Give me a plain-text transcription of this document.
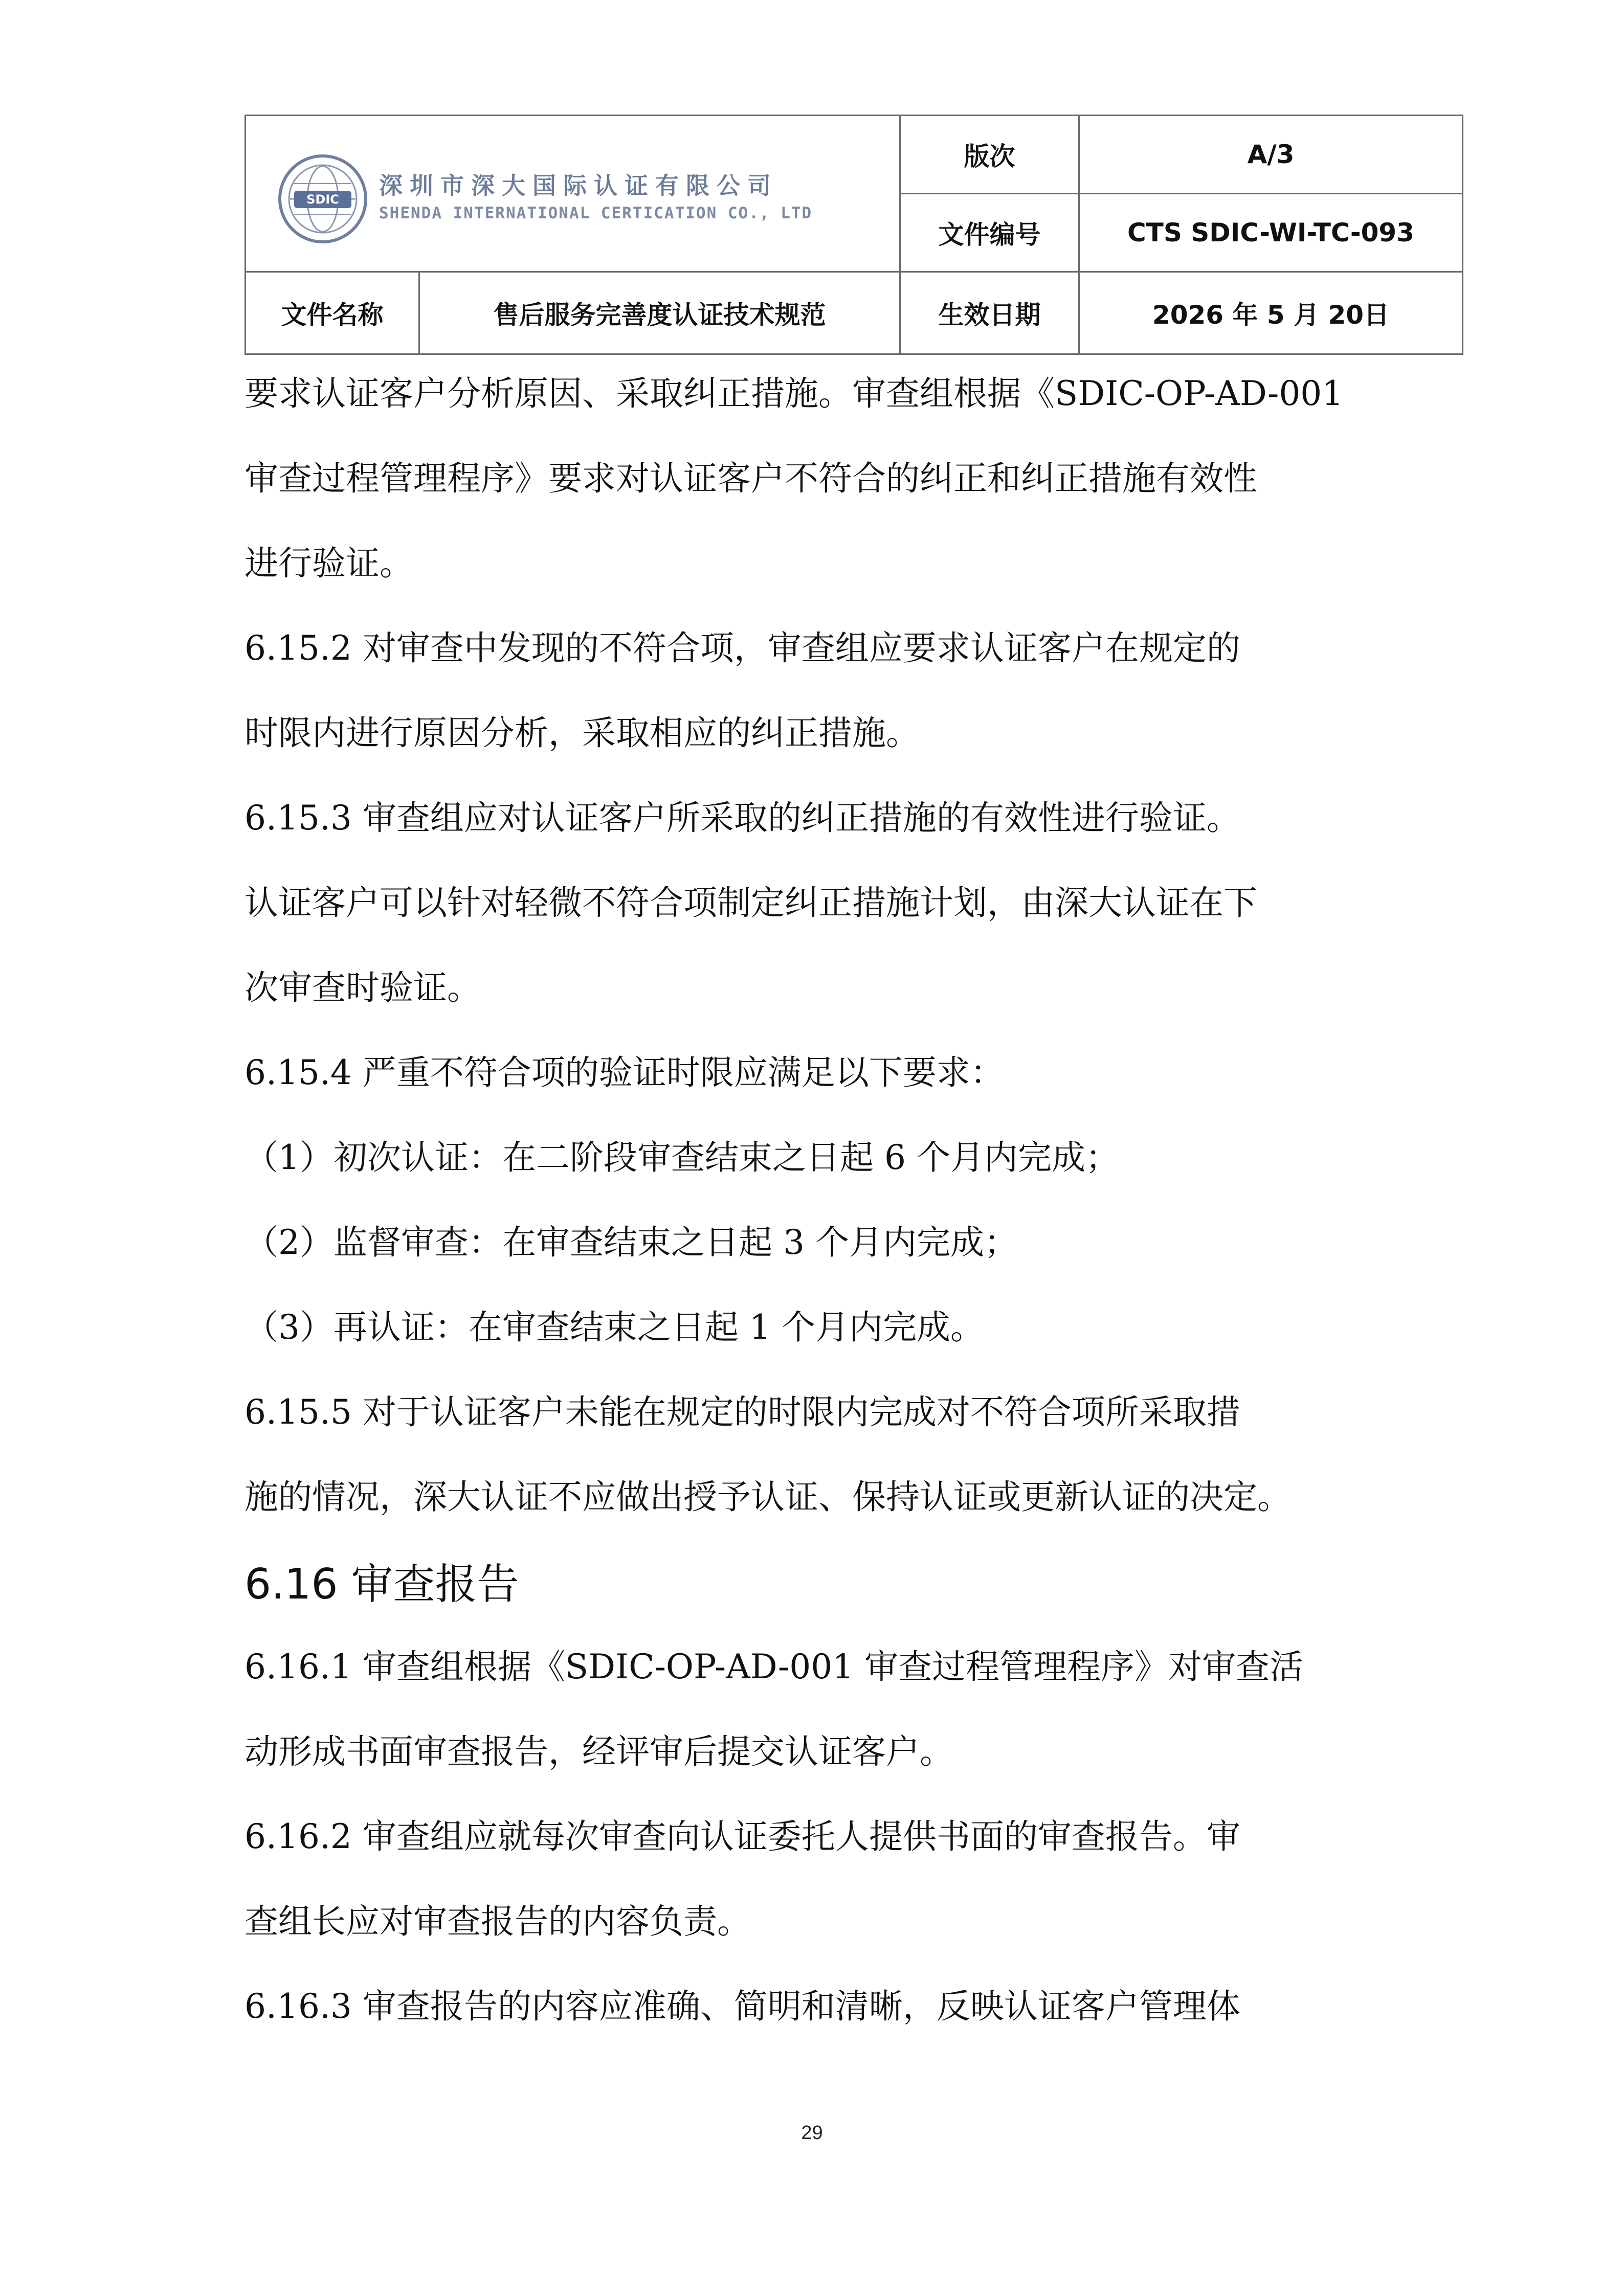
SDIC 深圳市深大国际认证有限公司
SHENDA INTERNATIONAL CERTICATION CO., LTD		版次	A/3
		文件编号	CTS SDIC-WI-TC-093
文件名称	售后服务完善度认证技术规范	生效日期	2026 年 5 月 20日
要求认证客户分析原因、采取纠正措施。审查组根据《SDIC-OP-AD-001
审查过程管理程序》要求对认证客户不符合的纠正和纠正措施有效性
进行验证。
6.15.2 对审查中发现的不符合项，审查组应要求认证客户在规定的
时限内进行原因分析，采取相应的纠正措施。
6.15.3 审查组应对认证客户所采取的纠正措施的有效性进行验证。
认证客户可以针对轻微不符合项制定纠正措施计划，由深大认证在下
次审查时验证。
6.15.4 严重不符合项的验证时限应满足以下要求：
（1）初次认证：在二阶段审查结束之日起 6 个月内完成；
（2）监督审查：在审查结束之日起 3 个月内完成；
（3）再认证：在审查结束之日起 1 个月内完成。
6.15.5 对于认证客户未能在规定的时限内完成对不符合项所采取措
施的情况，深大认证不应做出授予认证、保持认证或更新认证的决定。
6.16 审查报告
6.16.1 审查组根据《SDIC-OP-AD-001 审查过程管理程序》对审查活
动形成书面审查报告，经评审后提交认证客户。
6.16.2 审查组应就每次审查向认证委托人提供书面的审查报告。审
查组长应对审查报告的内容负责。
6.16.3 审查报告的内容应准确、简明和清晰，反映认证客户管理体
29
